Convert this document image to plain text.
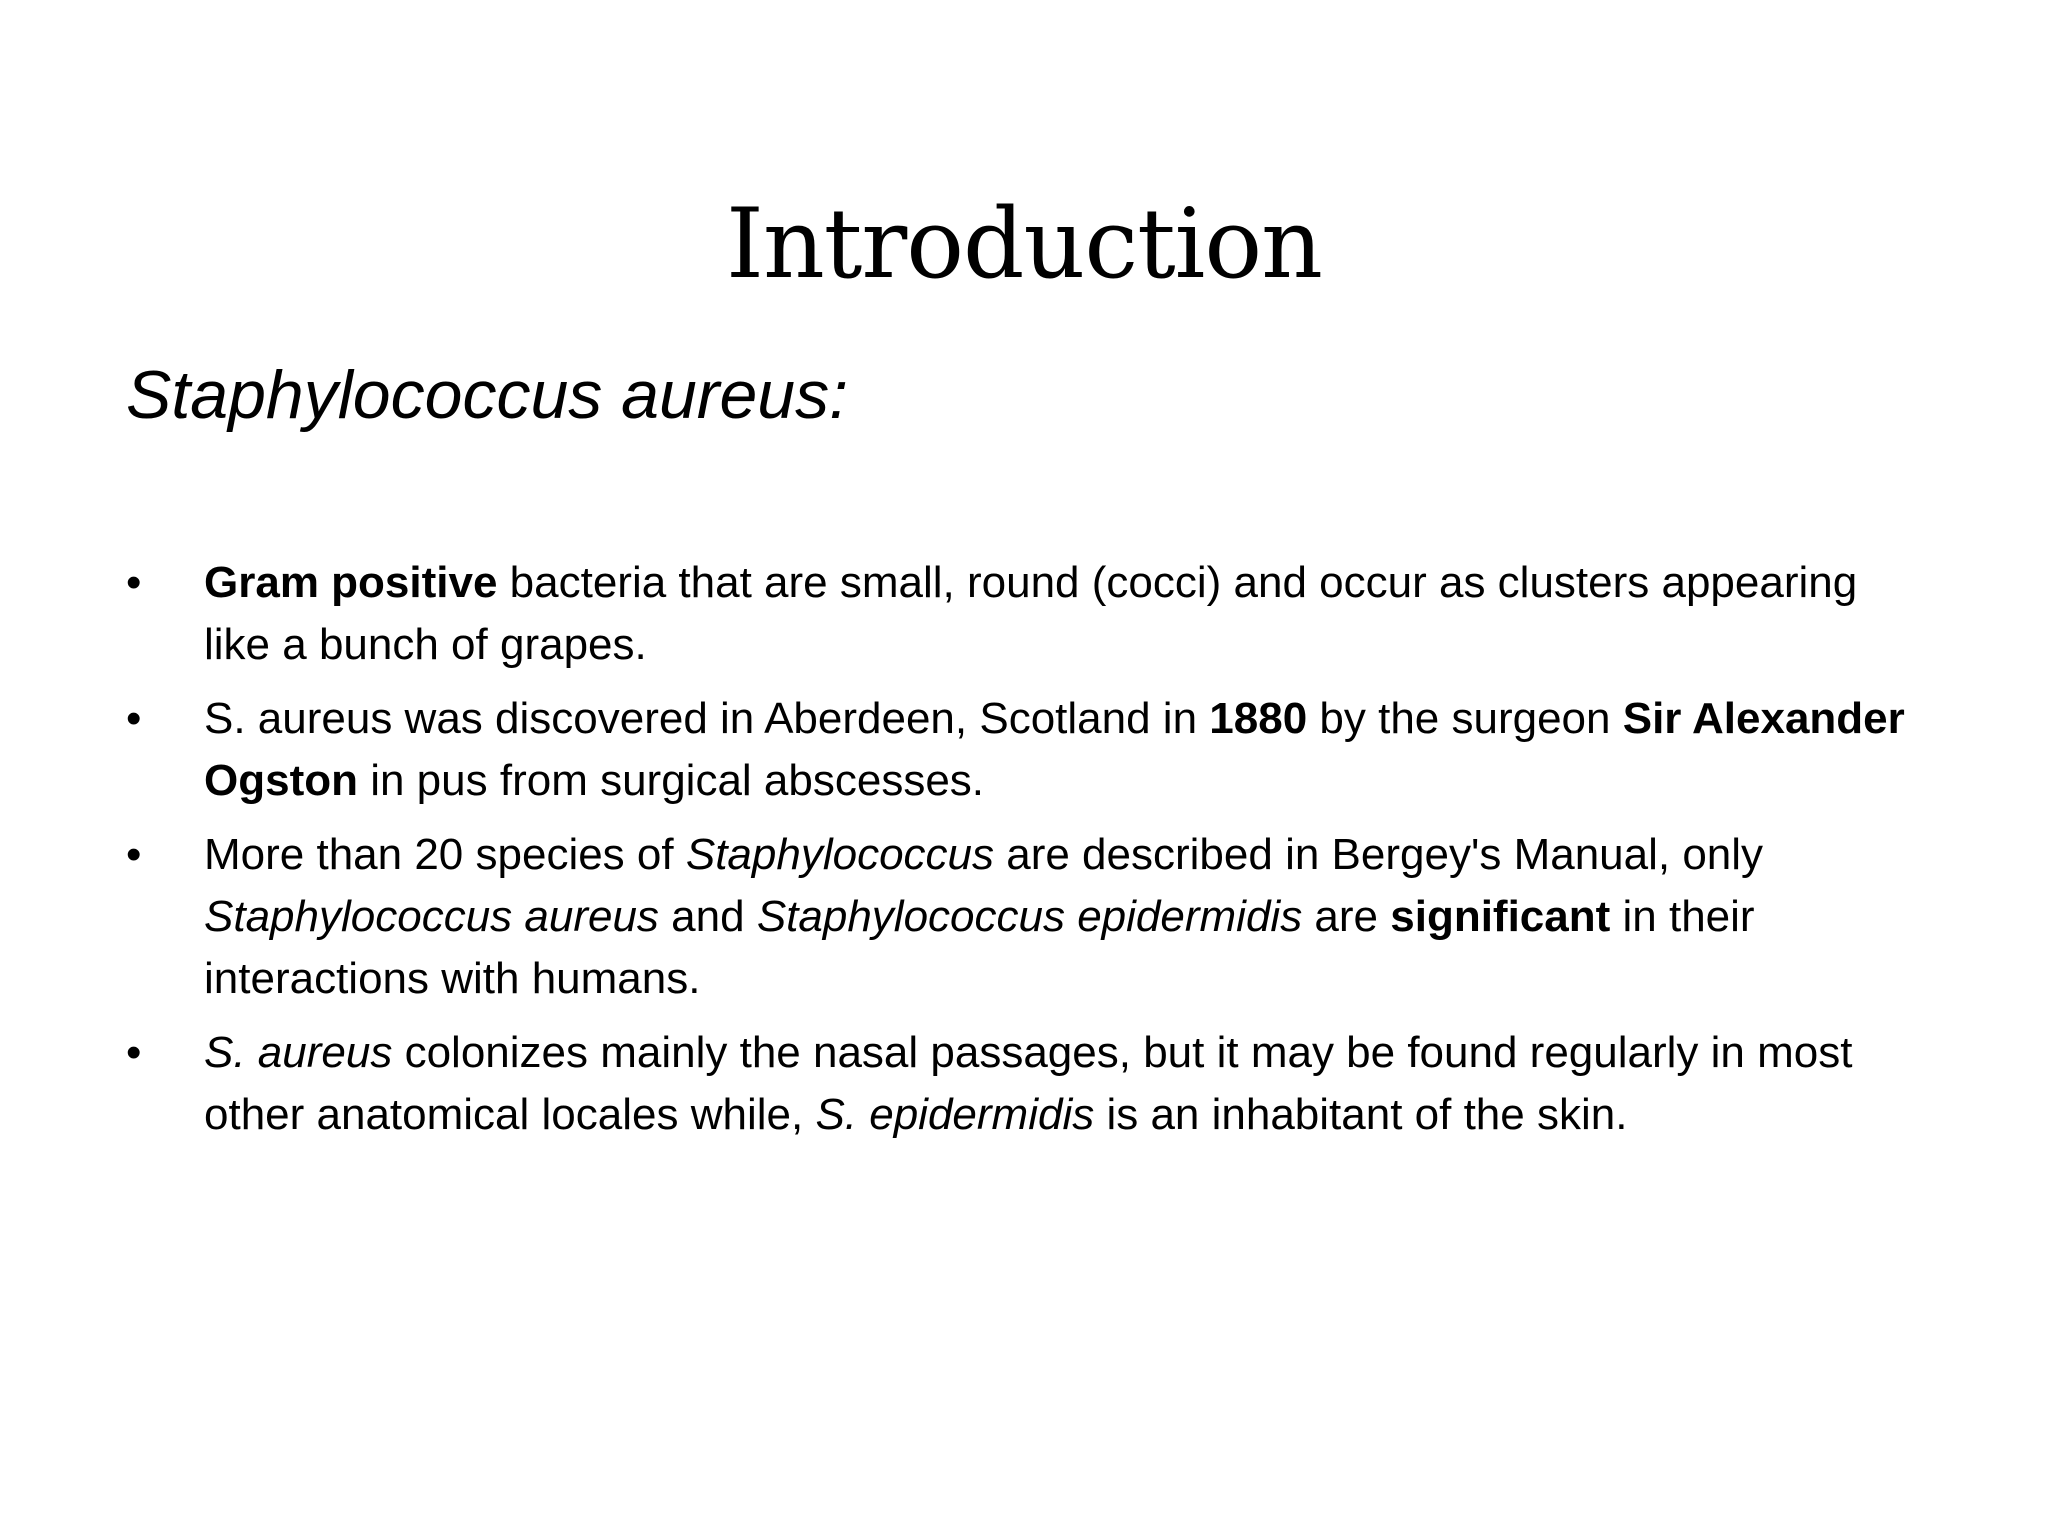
Introduction
Staphylococcus aureus:
•	Gram positive bacteria that are small, round (cocci) and occur as clusters appearing like a bunch of grapes.
•	S. aureus was discovered in Aberdeen, Scotland in 1880 by the surgeon Sir Alexander Ogston in pus from surgical abscesses.
•	More than 20 species of Staphylococcus are described in Bergey's Manual, only Staphylococcus aureus and Staphylococcus epidermidis are significant in their interactions with humans.
•	S. aureus colonizes mainly the nasal passages, but it may be found regularly in most other anatomical locales while, S. epidermidis is an inhabitant of the skin.
